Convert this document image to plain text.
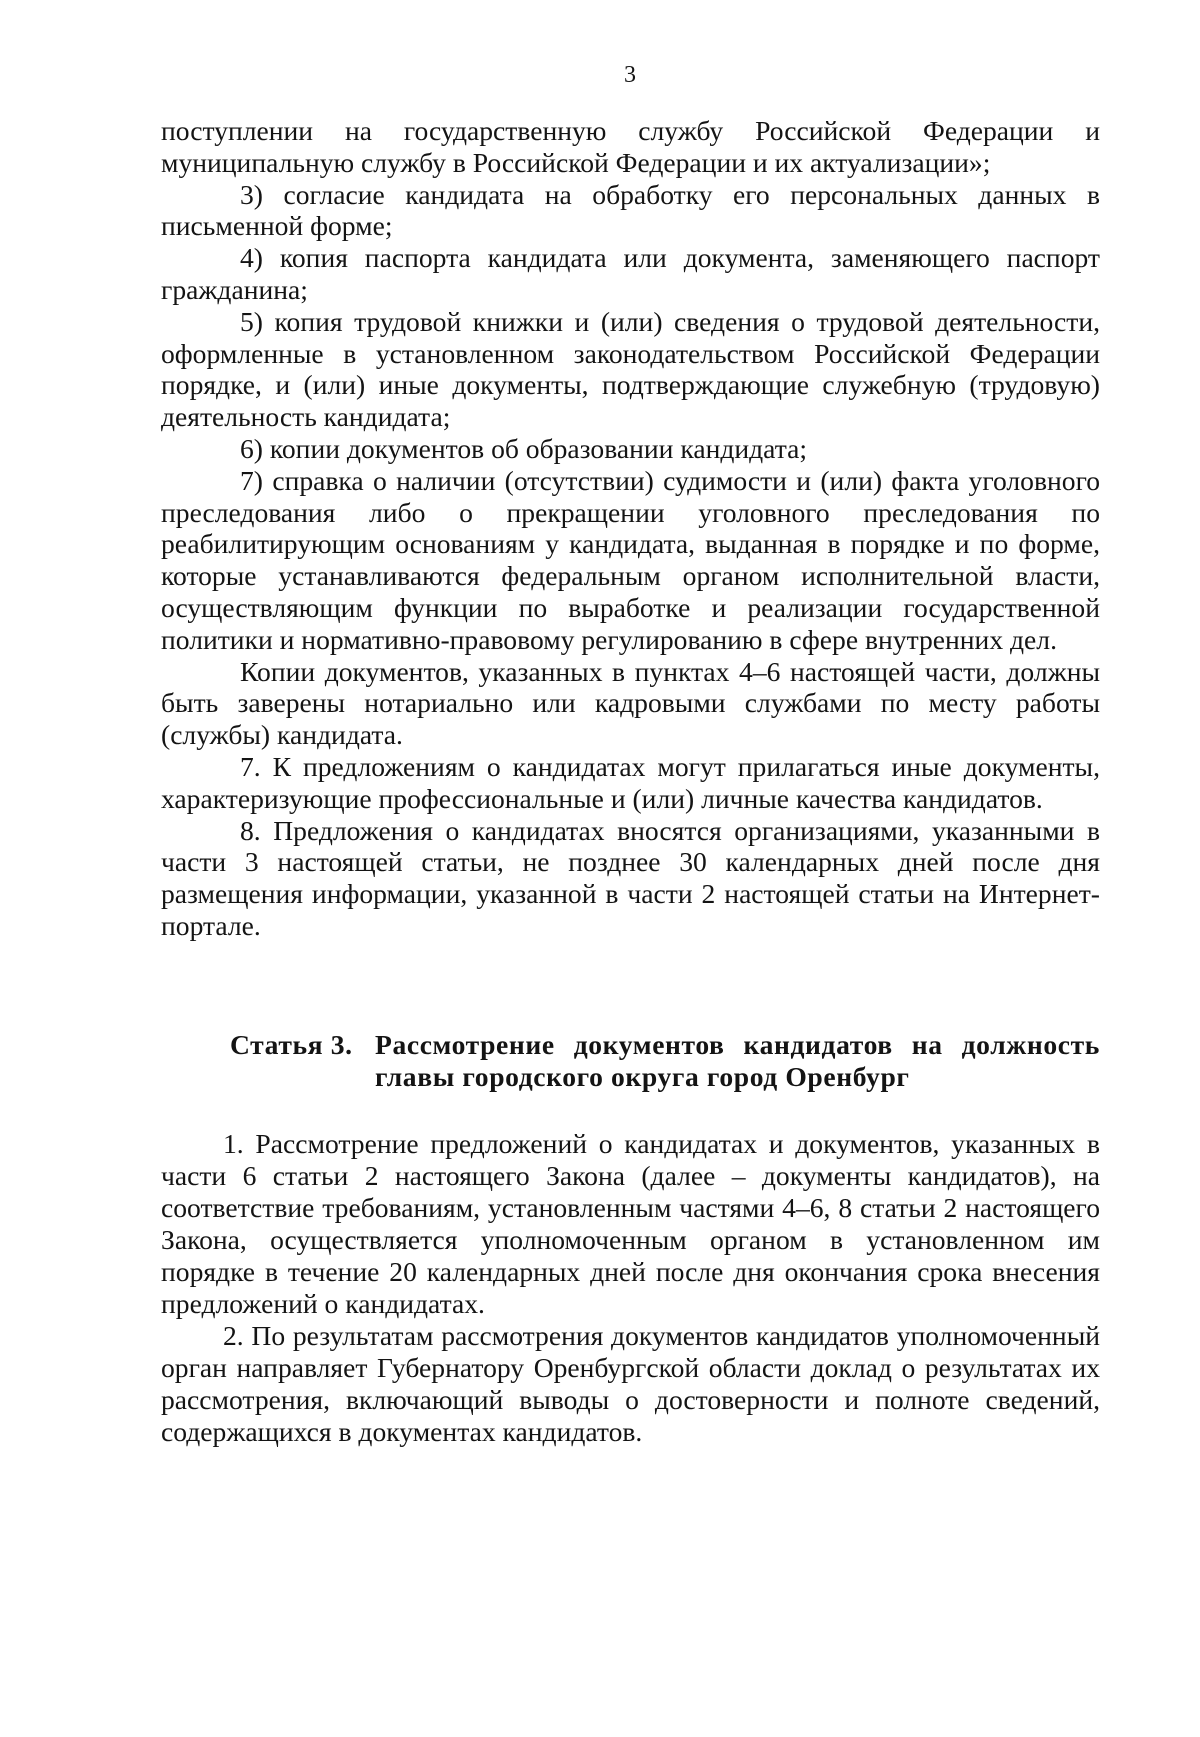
3

поступлении на государственную службу Российской Федерации и муниципальную службу в Российской Федерации и их актуализации»;

3) согласие кандидата на обработку его персональных данных в письменной форме;

4) копия паспорта кандидата или документа, заменяющего паспорт гражданина;

5) копия трудовой книжки и (или) сведения о трудовой деятельности, оформленные в установленном законодательством Российской Федерации порядке, и (или) иные документы, подтверждающие служебную (трудовую) деятельность кандидата;

6) копии документов об образовании кандидата;

7) справка о наличии (отсутствии) судимости и (или) факта уголовного преследования либо о прекращении уголовного преследования по реабилитирующим основаниям у кандидата, выданная в порядке и по форме, которые устанавливаются федеральным органом исполнительной власти, осуществляющим функции по выработке и реализации государственной политики и нормативно-правовому регулированию в сфере внутренних дел.

Копии документов, указанных в пунктах 4–6 настоящей части, должны быть заверены нотариально или кадровыми службами по месту работы (службы) кандидата.

7. К предложениям о кандидатах могут прилагаться иные документы, характеризующие профессиональные и (или) личные качества кандидатов.

8. Предложения о кандидатах вносятся организациями, указанными в части 3 настоящей статьи, не позднее 30 календарных дней после дня размещения информации, указанной в части 2 настоящей статьи на Интернет-портале.

Статья 3. Рассмотрение документов кандидатов на должность главы городского округа город Оренбург

1. Рассмотрение предложений о кандидатах и документов, указанных в части 6 статьи 2 настоящего Закона (далее – документы кандидатов), на соответствие требованиям, установленным частями 4–6, 8 статьи 2 настоящего Закона, осуществляется уполномоченным органом в установленном им порядке в течение 20 календарных дней после дня окончания срока внесения предложений о кандидатах.

2. По результатам рассмотрения документов кандидатов уполномоченный орган направляет Губернатору Оренбургской области доклад о результатах их рассмотрения, включающий выводы о достоверности и полноте сведений, содержащихся в документах кандидатов.
